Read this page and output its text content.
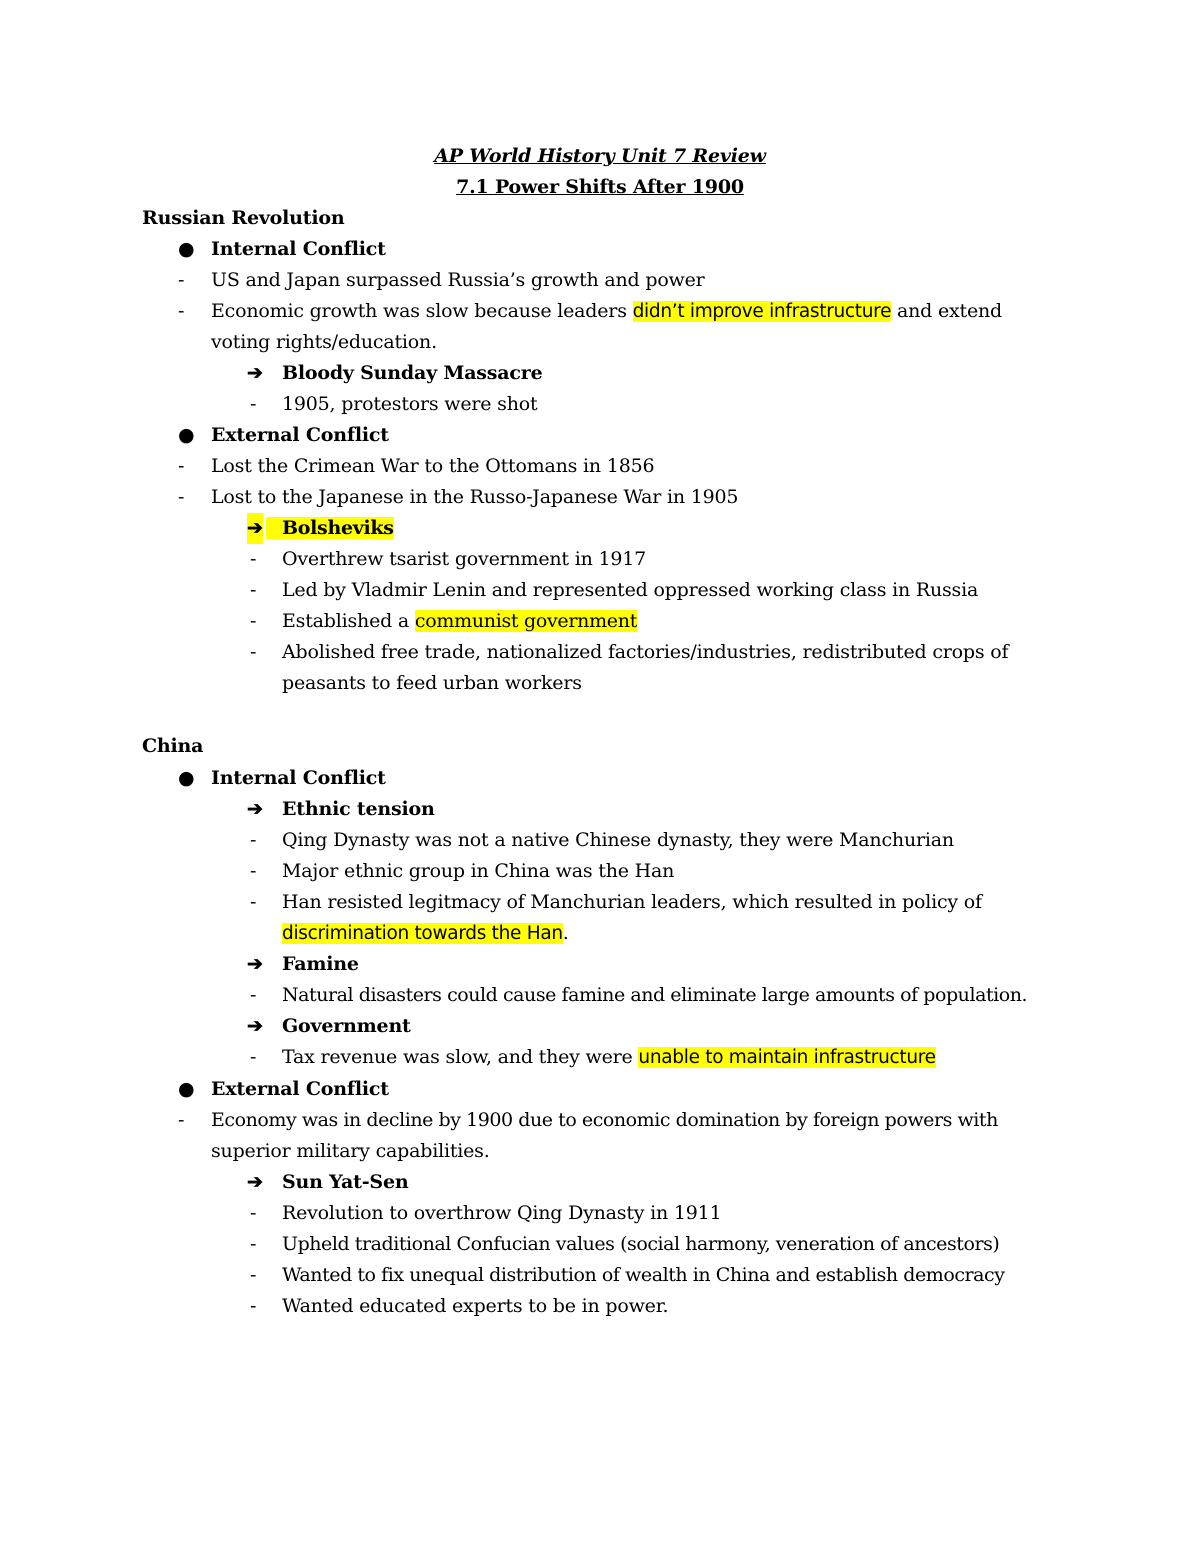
AP World History Unit 7 Review
7.1 Power Shifts After 1900
Russian Revolution
● Internal Conflict
- US and Japan surpassed Russia’s growth and power
- Economic growth was slow because leaders didn’t improve infrastructure and extend
voting rights/education.
➔ Bloody Sunday Massacre
- 1905, protestors were shot
● External Conflict
- Lost the Crimean War to the Ottomans in 1856
- Lost to the Japanese in the Russo-Japanese War in 1905
➔	Bolsheviks
- Overthrew tsarist government in 1917
- Led by Vladmir Lenin and represented oppressed working class in Russia
- Established a communist government
- Abolished free trade, nationalized factories/industries, redistributed crops of
peasants to feed urban workers
China
● Internal Conflict
➔ Ethnic tension
- Qing Dynasty was not a native Chinese dynasty, they were Manchurian
- Major ethnic group in China was the Han
- Han resisted legitmacy of Manchurian leaders, which resulted in policy of
discrimination towards the Han.
➔ Famine
- Natural disasters could cause famine and eliminate large amounts of population.
➔ Government
- Tax revenue was slow, and they were unable to maintain infrastructure
● External Conflict
- Economy was in decline by 1900 due to economic domination by foreign powers with
superior military capabilities.
➔ Sun Yat-Sen
- Revolution to overthrow Qing Dynasty in 1911
- Upheld traditional Confucian values (social harmony, veneration of ancestors)
- Wanted to fix unequal distribution of wealth in China and establish democracy
- Wanted educated experts to be in power.
